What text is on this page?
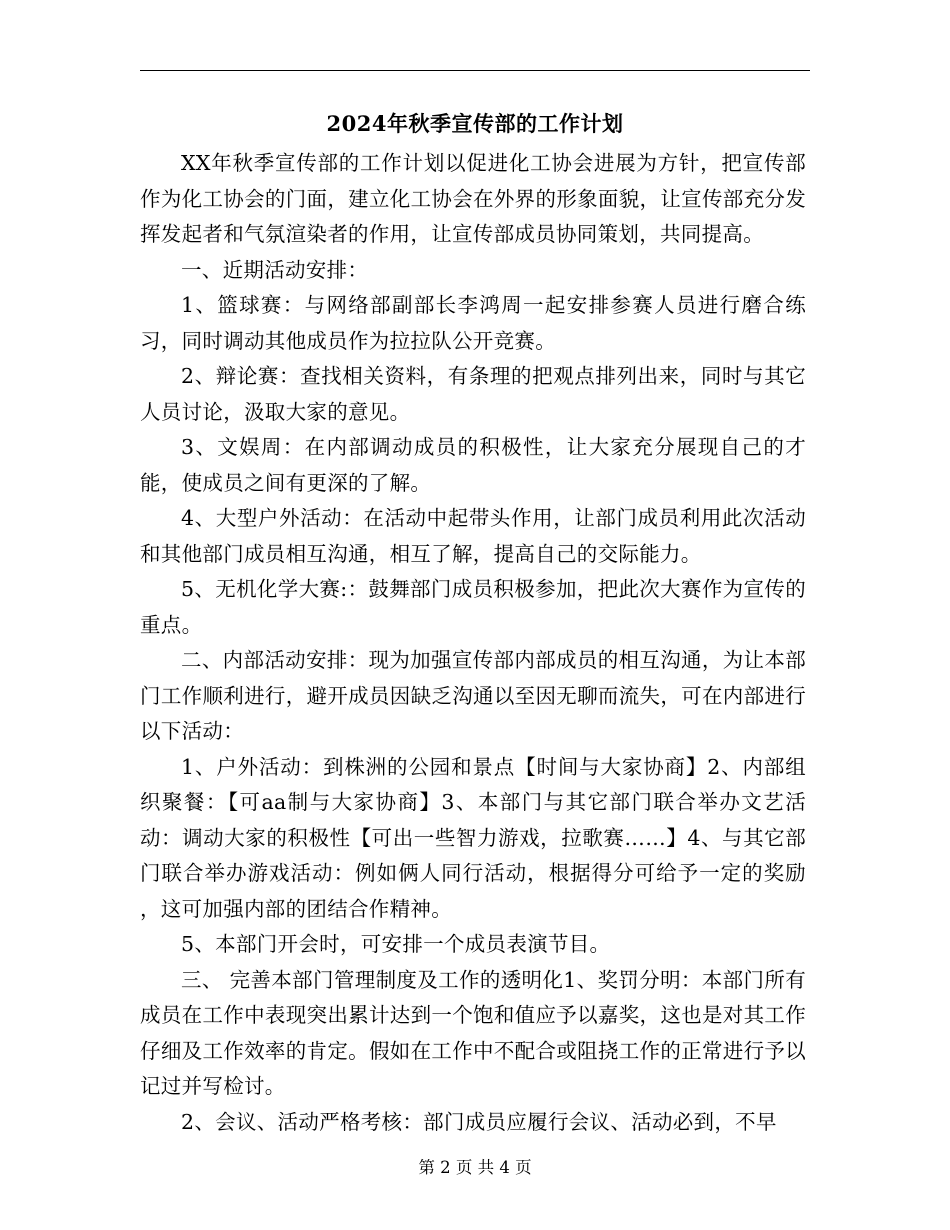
2024年秋季宣传部的工作计划

XX年秋季宣传部的工作计划以促进化工协会进展为方针，把宣传部作为化工协会的门面，建立化工协会在外界的形象面貌，让宣传部充分发挥发起者和气氛渲染者的作用，让宣传部成员协同策划，共同提高。

一、近期活动安排：

1、篮球赛：与网络部副部长李鸿周一起安排参赛人员进行磨合练习，同时调动其他成员作为拉拉队公开竞赛。

2、辩论赛：查找相关资料，有条理的把观点排列出来，同时与其它人员讨论，汲取大家的意见。

3、文娱周：在内部调动成员的积极性，让大家充分展现自己的才能，使成员之间有更深的了解。

4、大型户外活动：在活动中起带头作用，让部门成员利用此次活动和其他部门成员相互沟通，相互了解，提高自己的交际能力。

5、无机化学大赛:：鼓舞部门成员积极参加，把此次大赛作为宣传的重点。

二、内部活动安排：现为加强宣传部内部成员的相互沟通，为让本部门工作顺利进行，避开成员因缺乏沟通以至因无聊而流失，可在内部进行以下活动：

1、户外活动：到株洲的公园和景点【时间与大家协商】2、内部组织聚餐：【可aa制与大家协商】3、本部门与其它部门联合举办文艺活动：调动大家的积极性【可出一些智力游戏，拉歌赛……】4、与其它部门联合举办游戏活动：例如俩人同行活动，根据得分可给予一定的奖励 ，这可加强内部的团结合作精神。

5、本部门开会时，可安排一个成员表演节目。

三、 完善本部门管理制度及工作的透明化1、奖罚分明：本部门所有成员在工作中表现突出累计达到一个饱和值应予以嘉奖，这也是对其工作仔细及工作效率的肯定。假如在工作中不配合或阻挠工作的正常进行予以记过并写检讨。

2、会议、活动严格考核：部门成员应履行会议、活动必到，不早

第 2 页 共 4 页
